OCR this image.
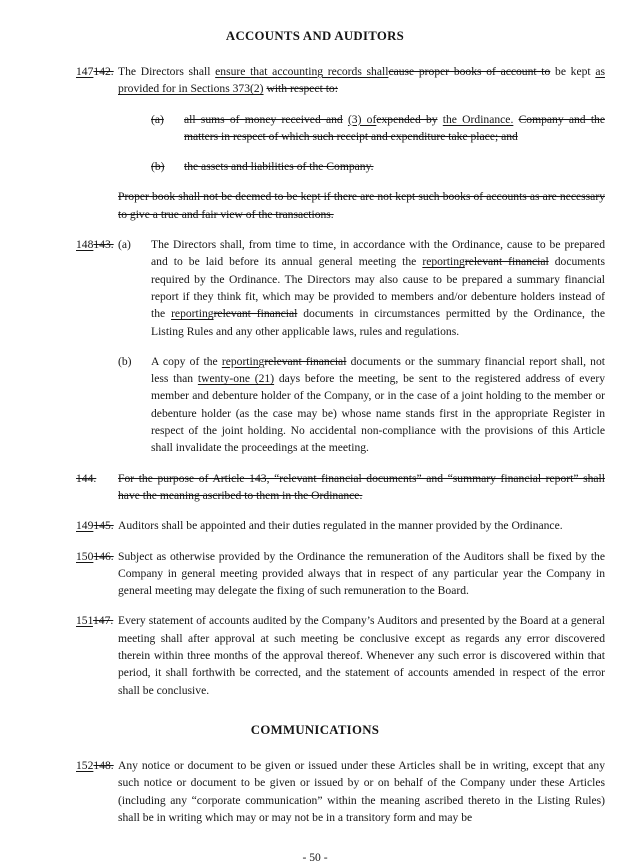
ACCOUNTS AND AUDITORS
147142. The Directors shall ensure that accounting records shallcause proper books of account to be kept as provided for in Sections 373(2) with respect to:
(a)	all sums of money received and (3) ofexpended by the Ordinance. Company and the matters in respect of which such receipt and expenditure take place; and
(b)	the assets and liabilities of the Company.
Proper book shall not be deemed to be kept if there are not kept such books of accounts as are necessary to give a true and fair view of the transactions.
148143. (a)	The Directors shall, from time to time, in accordance with the Ordinance, cause to be prepared and to be laid before its annual general meeting the reportingrelevant financial documents required by the Ordinance. The Directors may also cause to be prepared a summary financial report if they think fit, which may be provided to members and/or debenture holders instead of the reportingrelevant financial documents in circumstances permitted by the Ordinance, the Listing Rules and any other applicable laws, rules and regulations.
(b)	A copy of the reportingrelevant financial documents or the summary financial report shall, not less than twenty-one (21) days before the meeting, be sent to the registered address of every member and debenture holder of the Company, or in the case of a joint holding to the member or debenture holder (as the case may be) whose name stands first in the appropriate Register in respect of the joint holding. No accidental non-compliance with the provisions of this Article shall invalidate the proceedings at the meeting.
144.	For the purpose of Article 143, “relevant financial documents” and “summary financial report” shall have the meaning ascribed to them in the Ordinance.
149145. Auditors shall be appointed and their duties regulated in the manner provided by the Ordinance.
150146. Subject as otherwise provided by the Ordinance the remuneration of the Auditors shall be fixed by the Company in general meeting provided always that in respect of any particular year the Company in general meeting may delegate the fixing of such remuneration to the Board.
151147. Every statement of accounts audited by the Company’s Auditors and presented by the Board at a general meeting shall after approval at such meeting be conclusive except as regards any error discovered therein within three months of the approval thereof. Whenever any such error is discovered within that period, it shall forthwith be corrected, and the statement of accounts amended in respect of the error shall be conclusive.
COMMUNICATIONS
152148. Any notice or document to be given or issued under these Articles shall be in writing, except that any such notice or document to be given or issued by or on behalf of the Company under these Articles (including any “corporate communication” within the meaning ascribed thereto in the Listing Rules) shall be in writing which may or may not be in a transitory form and may be
- 50 -
